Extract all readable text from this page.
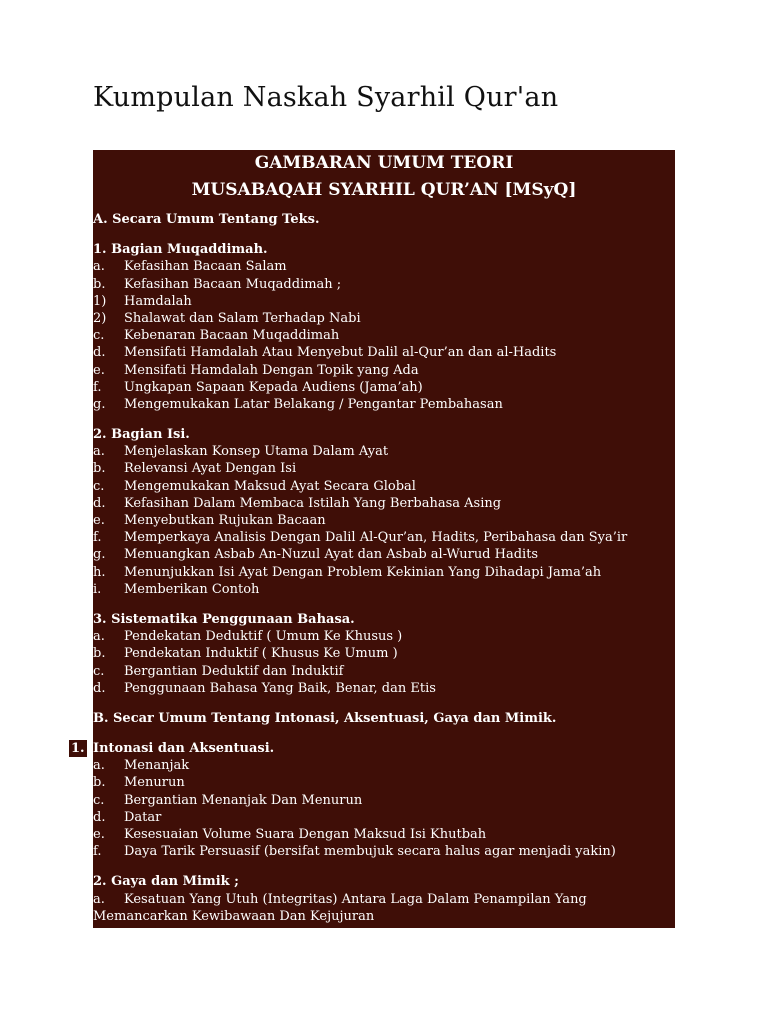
Kumpulan Naskah Syarhil Qur'an
GAMBARAN UMUM TEORI
MUSABAQAH SYARHIL QUR’AN [MSyQ]
A. Secara Umum Tentang Teks.
1. Bagian Muqaddimah.
a. Kefasihan Bacaan Salam
b. Kefasihan Bacaan Muqaddimah ;
1) Hamdalah
2) Shalawat dan Salam Terhadap Nabi
c. Kebenaran Bacaan Muqaddimah
d. Mensifati Hamdalah Atau Menyebut Dalil al-Qur’an dan al-Hadits
e. Mensifati Hamdalah Dengan Topik yang Ada
f. Ungkapan Sapaan Kepada Audiens (Jama’ah)
g. Mengemukakan Latar Belakang / Pengantar Pembahasan
2. Bagian Isi.
a. Menjelaskan Konsep Utama Dalam Ayat
b. Relevansi Ayat Dengan Isi
c. Mengemukakan Maksud Ayat Secara Global
d. Kefasihan Dalam Membaca Istilah Yang Berbahasa Asing
e. Menyebutkan Rujukan Bacaan
f. Memperkaya Analisis Dengan Dalil Al-Qur’an, Hadits, Peribahasa dan Sya’ir
g. Menuangkan Asbab An-Nuzul Ayat dan Asbab al-Wurud Hadits
h. Menunjukkan Isi Ayat Dengan Problem Kekinian Yang Dihadapi Jama’ah
i. Memberikan Contoh
3. Sistematika Penggunaan Bahasa.
a. Pendekatan Deduktif ( Umum Ke Khusus )
b. Pendekatan Induktif ( Khusus Ke Umum )
c. Bergantian Deduktif dan Induktif
d. Penggunaan Bahasa Yang Baik, Benar, dan Etis
B. Secar Umum Tentang Intonasi, Aksentuasi, Gaya dan Mimik.
1. Intonasi dan Aksentuasi.
a. Menanjak
b. Menurun
c. Bergantian Menanjak Dan Menurun
d. Datar
e. Kesesuaian Volume Suara Dengan Maksud Isi Khutbah
f. Daya Tarik Persuasif (bersifat membujuk secara halus agar menjadi yakin)
2. Gaya dan Mimik ;
a. Kesatuan Yang Utuh (Integritas) Antara Laga Dalam Penampilan Yang
Memancarkan Kewibawaan Dan Kejujuran
